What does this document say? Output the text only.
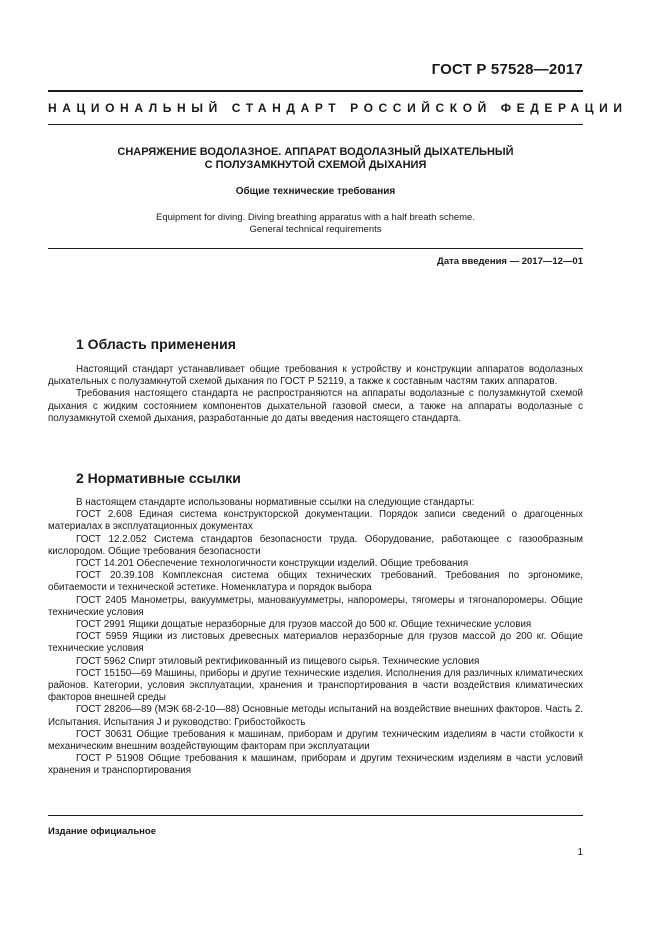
ГОСТ Р 57528—2017
НАЦИОНАЛЬНЫЙ СТАНДАРТ РОССИЙСКОЙ ФЕДЕРАЦИИ
СНАРЯЖЕНИЕ ВОДОЛАЗНОЕ. АППАРАТ ВОДОЛАЗНЫЙ ДЫХАТЕЛЬНЫЙ
С ПОЛУЗАМКНУТОЙ СХЕМОЙ ДЫХАНИЯ
Общие технические требования
Equipment for diving. Diving breathing apparatus with a half breath scheme.
General technical requirements
Дата введения — 2017—12—01
1 Область применения

Настоящий стандарт устанавливает общие требования к устройству и конструкции аппаратов водолазных дыхательных с полузамкнутой схемой дыхания по ГОСТ Р 52119, а также к составным частям таких аппаратов.

Требования настоящего стандарта не распространяются на аппараты водолазные с полузамкнутой схемой дыхания с жидким состоянием компонентов дыхательной газовой смеси, а также на аппараты водолазные с полузамкнутой схемой дыхания, разработанные до даты введения настоящего стандарта.

2 Нормативные ссылки

В настоящем стандарте использованы нормативные ссылки на следующие стандарты:

ГОСТ 2.608 Единая система конструкторской документации. Порядок записи сведений о драгоценных материалах в эксплуатационных документах

ГОСТ 12.2.052 Система стандартов безопасности труда. Оборудование, работающее с газообразным кислородом. Общие требования безопасности

ГОСТ 14.201 Обеспечение технологичности конструкции изделий. Общие требования

ГОСТ 20.39.108 Комплексная система общих технических требований. Требования по эргономике, обитаемости и технической эстетике. Номенклатура и порядок выбора

ГОСТ 2405 Манометры, вакуумметры, мановакуумметры, напоромеры, тягомеры и тягонапоромеры. Общие технические условия

ГОСТ 2991 Ящики дощатые неразборные для грузов массой до 500 кг. Общие технические условия

ГОСТ 5959 Ящики из листовых древесных материалов неразборные для грузов массой до 200 кг. Общие технические условия

ГОСТ 5962 Спирт этиловый ректификованный из пищевого сырья. Технические условия

ГОСТ 15150—69 Машины, приборы и другие технические изделия. Исполнения для различных климатических районов. Категории, условия эксплуатации, хранения и транспортирования в части воздействия климатических факторов внешней среды

ГОСТ 28206—89 (МЭК 68-2-10—88) Основные методы испытаний на воздействие внешних факторов. Часть 2. Испытания. Испытания J и руководство: Грибостойкость

ГОСТ 30631 Общие требования к машинам, приборам и другим техническим изделиям в части стойкости к механическим внешним воздействующим факторам при эксплуатации

ГОСТ Р 51908 Общие требования к машинам, приборам и другим техническим изделиям в части условий хранения и транспортирования

Издание официальное
1
